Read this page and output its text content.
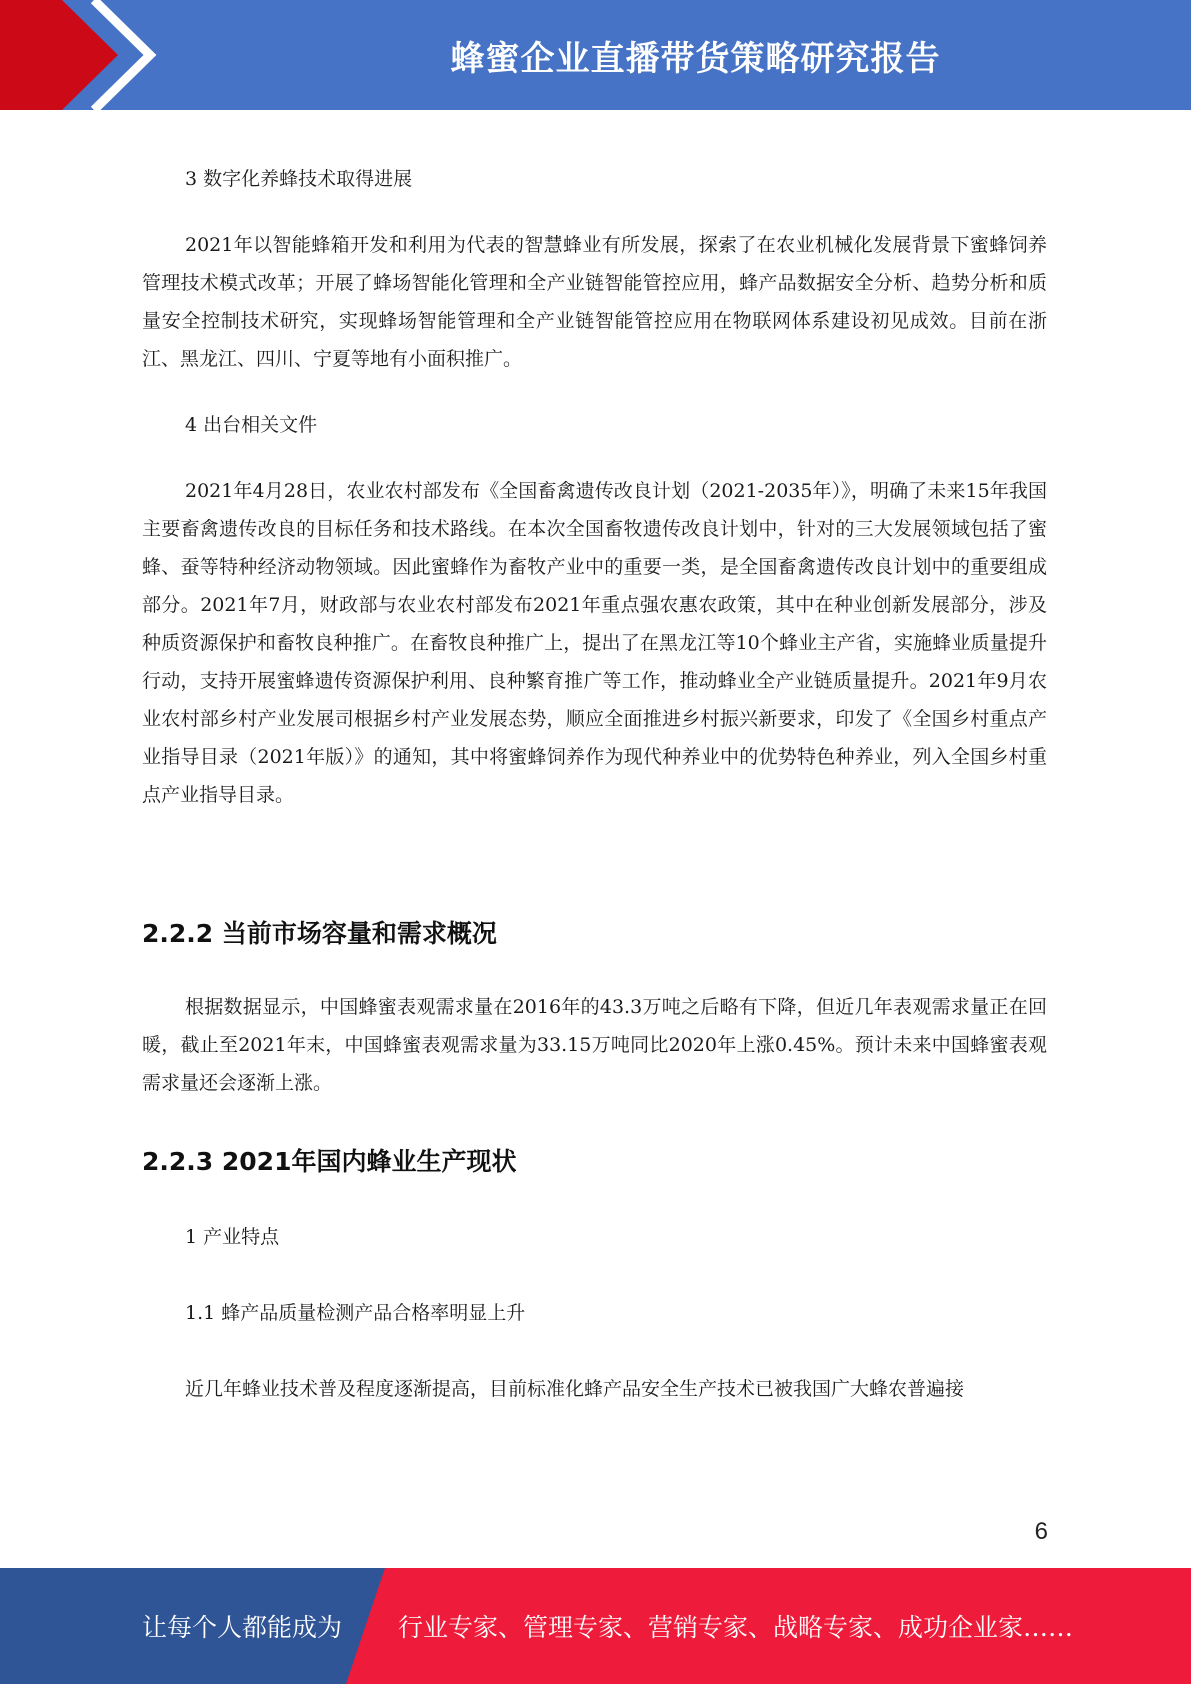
蜂蜜企业直播带货策略研究报告

3 数字化养蜂技术取得进展

2021年以智能蜂箱开发和利用为代表的智慧蜂业有所发展，探索了在农业机械化发展背景下蜜蜂饲养管理技术模式改革；开展了蜂场智能化管理和全产业链智能管控应用，蜂产品数据安全分析、趋势分析和质量安全控制技术研究，实现蜂场智能管理和全产业链智能管控应用在物联网体系建设初见成效。目前在浙江、黑龙江、四川、宁夏等地有小面积推广。

4 出台相关文件

2021年4月28日，农业农村部发布《全国畜禽遗传改良计划（2021-2035年）》，明确了未来15年我国主要畜禽遗传改良的目标任务和技术路线。在本次全国畜牧遗传改良计划中，针对的三大发展领域包括了蜜蜂、蚕等特种经济动物领域。因此蜜蜂作为畜牧产业中的重要一类，是全国畜禽遗传改良计划中的重要组成部分。2021年7月，财政部与农业农村部发布2021年重点强农惠农政策，其中在种业创新发展部分，涉及种质资源保护和畜牧良种推广。在畜牧良种推广上，提出了在黑龙江等10个蜂业主产省，实施蜂业质量提升行动，支持开展蜜蜂遗传资源保护利用、良种繁育推广等工作，推动蜂业全产业链质量提升。2021年9月农业农村部乡村产业发展司根据乡村产业发展态势，顺应全面推进乡村振兴新要求，印发了《全国乡村重点产业指导目录（2021年版）》的通知，其中将蜜蜂饲养作为现代种养业中的优势特色种养业，列入全国乡村重点产业指导目录。

2.2.2 当前市场容量和需求概况

根据数据显示，中国蜂蜜表观需求量在2016年的43.3万吨之后略有下降，但近几年表观需求量正在回暖，截止至2021年末，中国蜂蜜表观需求量为33.15万吨同比2020年上涨0.45%。预计未来中国蜂蜜表观需求量还会逐渐上涨。

2.2.3 2021年国内蜂业生产现状

1 产业特点

1.1 蜂产品质量检测产品合格率明显上升

近几年蜂业技术普及程度逐渐提高，目前标准化蜂产品安全生产技术已被我国广大蜂农普遍接

6
让每个人都能成为 行业专家、管理专家、营销专家、战略专家、成功企业家……
